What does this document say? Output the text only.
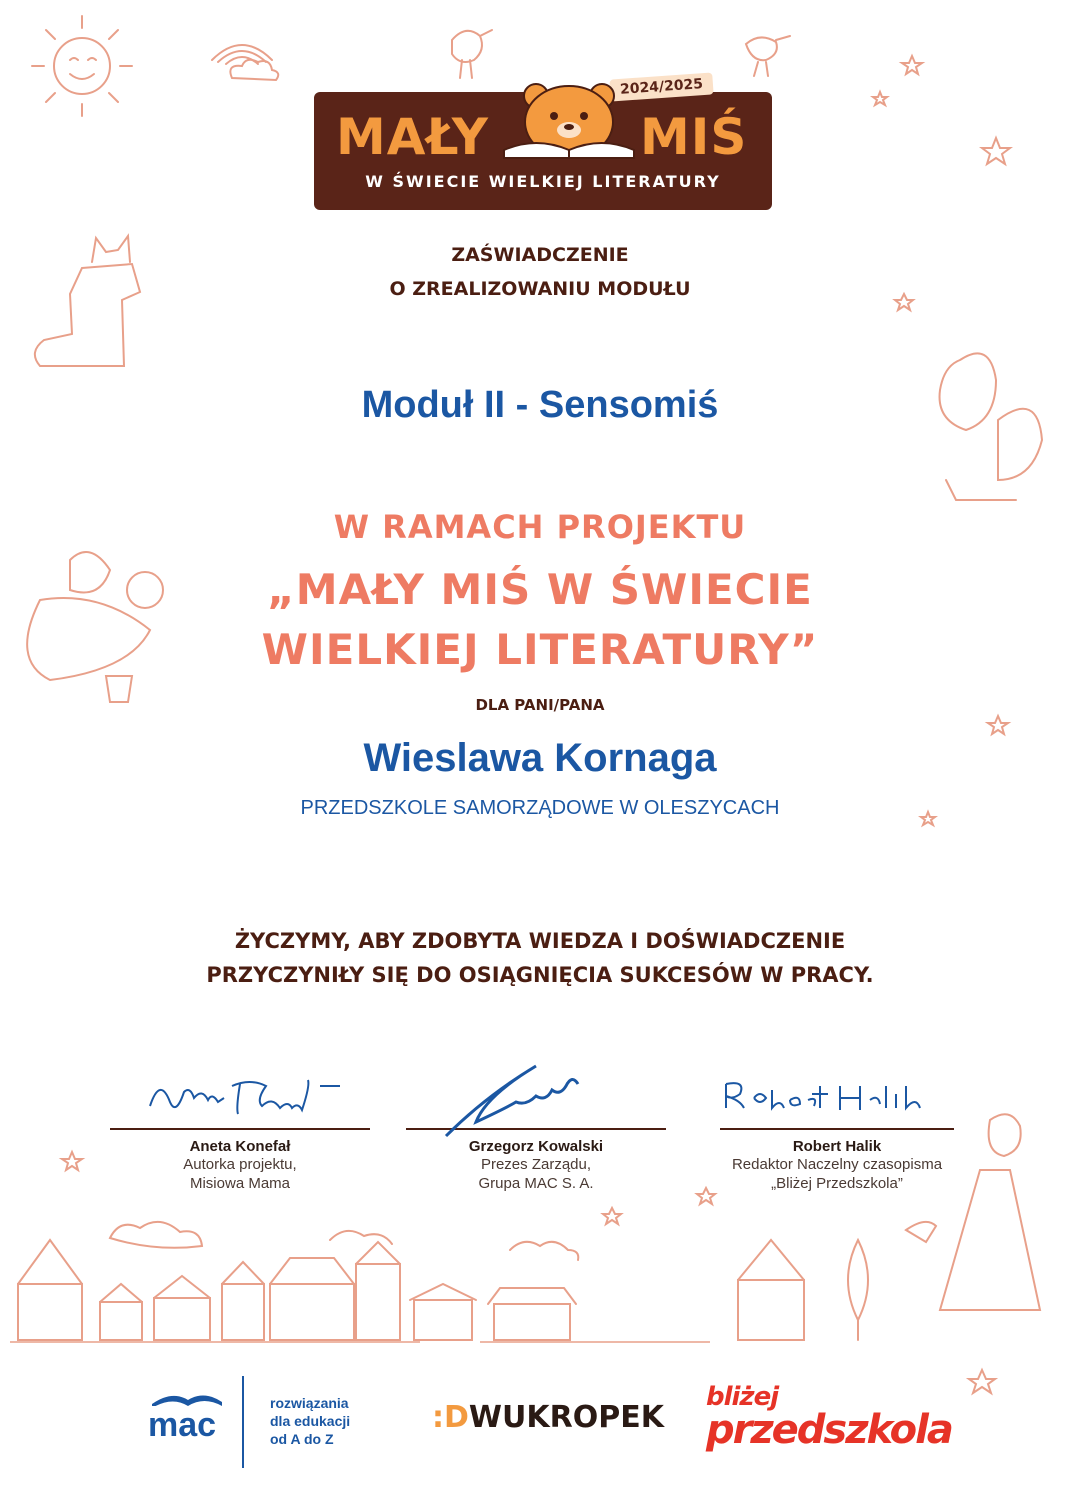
2024/2025
MAŁY	MIŚ
W ŚWIECIE WIELKIEJ LITERATURY
ZAŚWIADCZENIE
O ZREALIZOWANIU MODUŁU
Moduł II - Sensomiś
W RAMACH PROJEKTU
„MAŁY MIŚ W ŚWIECIE
WIELKIEJ LITERATURY”
DLA PANI/PANA
Wieslawa Kornaga
PRZEDSZKOLE SAMORZĄDOWE W OLESZYCACH
ŻYCZYMY, ABY ZDOBYTA WIEDZA I DOŚWIADCZENIE
PRZYCZYNIŁY SIĘ DO OSIĄGNIĘCIA SUKCESÓW W PRACY.
Aneta Konefał
Autorka projektu,
Misiowa Mama
Grzegorz Kowalski
Prezes Zarządu,
Grupa MAC S. A.
Robert Halik
Redaktor Naczelny czasopisma
„Bliżej Przedszkola”
mac
rozwiązania
dla edukacji
od A do Z
:DWUKROPEK
bliżej
przedszkola
